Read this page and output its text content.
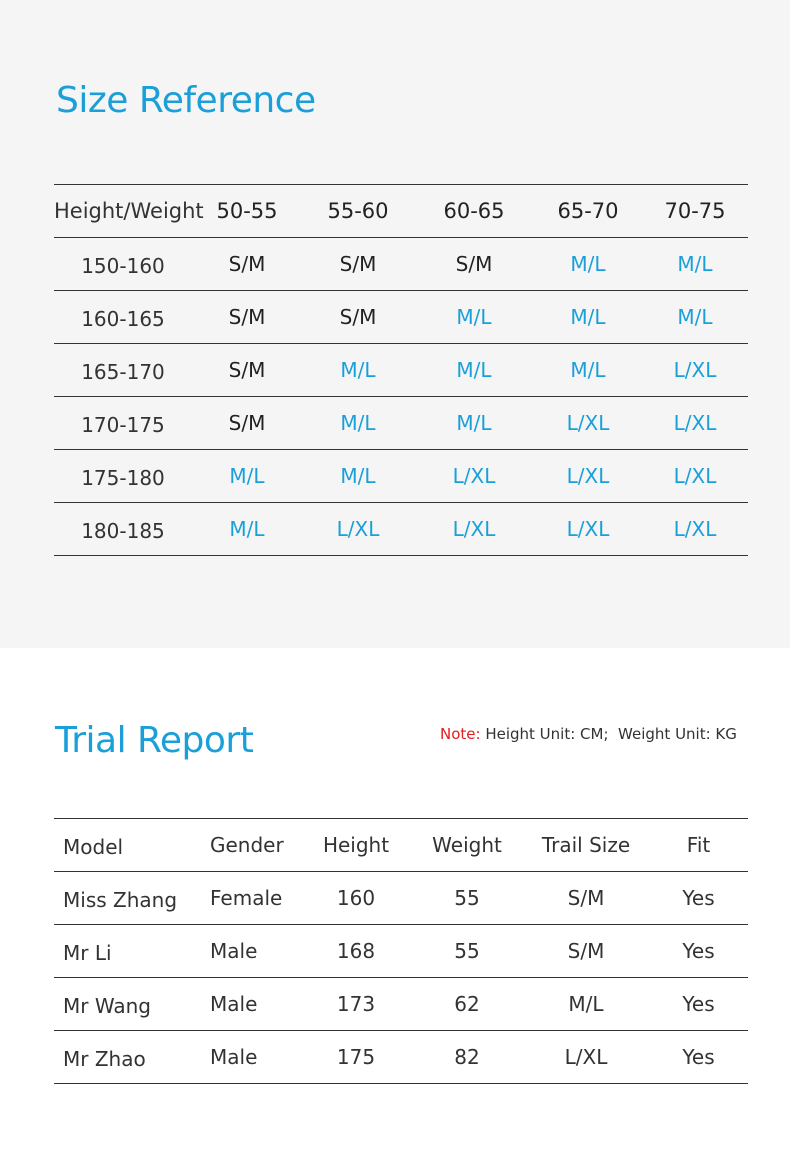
Size Reference
Height/Weight	50-55	55-60	60-65	65-70	70-75
150-160	S/M	S/M	S/M	M/L	M/L
160-165	S/M	S/M	M/L	M/L	M/L
165-170	S/M	M/L	M/L	M/L	L/XL
170-175	S/M	M/L	M/L	L/XL	L/XL
175-180	M/L	M/L	L/XL	L/XL	L/XL
180-185	M/L	L/XL	L/XL	L/XL	L/XL
Trial Report	Note: Height Unit: CM;  Weight Unit: KG
Model	Gender	Height	Weight	Trail Size	Fit
Miss Zhang	Female	160	55	S/M	Yes
Mr Li	Male	168	55	S/M	Yes
Mr Wang	Male	173	62	M/L	Yes
Mr Zhao	Male	175	82	L/XL	Yes
